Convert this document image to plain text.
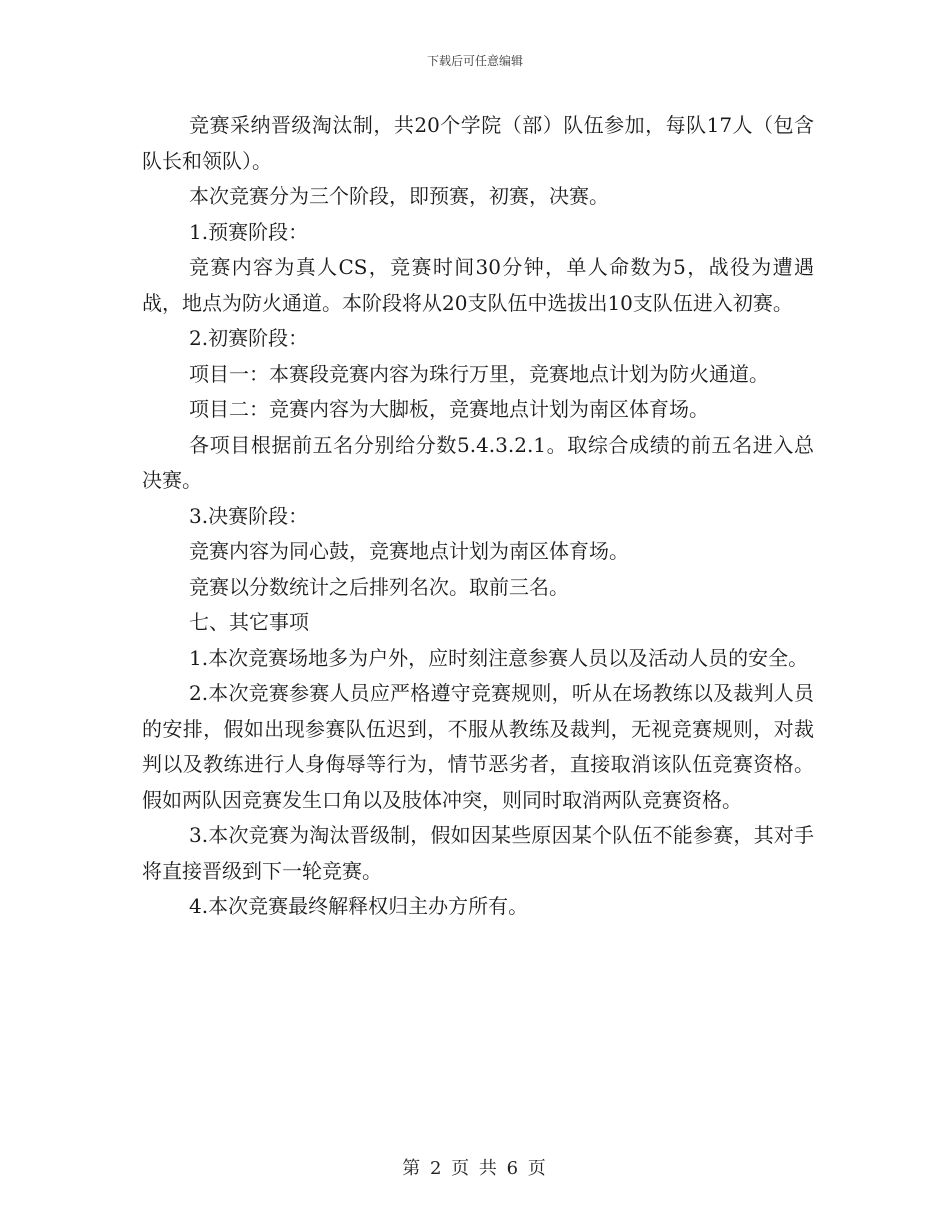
下载后可任意编辑

竞赛采纳晋级淘汰制，共20个学院（部）队伍参加，每队17人（包含队长和领队）。

本次竞赛分为三个阶段，即预赛，初赛，决赛。

1.预赛阶段：

竞赛内容为真人CS，竞赛时间30分钟，单人命数为5，战役为遭遇战，地点为防火通道。本阶段将从20支队伍中选拔出10支队伍进入初赛。

2.初赛阶段：

项目一：本赛段竞赛内容为珠行万里，竞赛地点计划为防火通道。

项目二：竞赛内容为大脚板，竞赛地点计划为南区体育场。

各项目根据前五名分别给分数5.4.3.2.1。取综合成绩的前五名进入总决赛。

3.决赛阶段：

竞赛内容为同心鼓，竞赛地点计划为南区体育场。

竞赛以分数统计之后排列名次。取前三名。

七、其它事项

1.本次竞赛场地多为户外，应时刻注意参赛人员以及活动人员的安全。

2.本次竞赛参赛人员应严格遵守竞赛规则，听从在场教练以及裁判人员的安排，假如出现参赛队伍迟到，不服从教练及裁判，无视竞赛规则，对裁判以及教练进行人身侮辱等行为，情节恶劣者，直接取消该队伍竞赛资格。假如两队因竞赛发生口角以及肢体冲突，则同时取消两队竞赛资格。

3.本次竞赛为淘汰晋级制，假如因某些原因某个队伍不能参赛，其对手将直接晋级到下一轮竞赛。

4.本次竞赛最终解释权归主办方所有。

第 2 页 共 6 页
